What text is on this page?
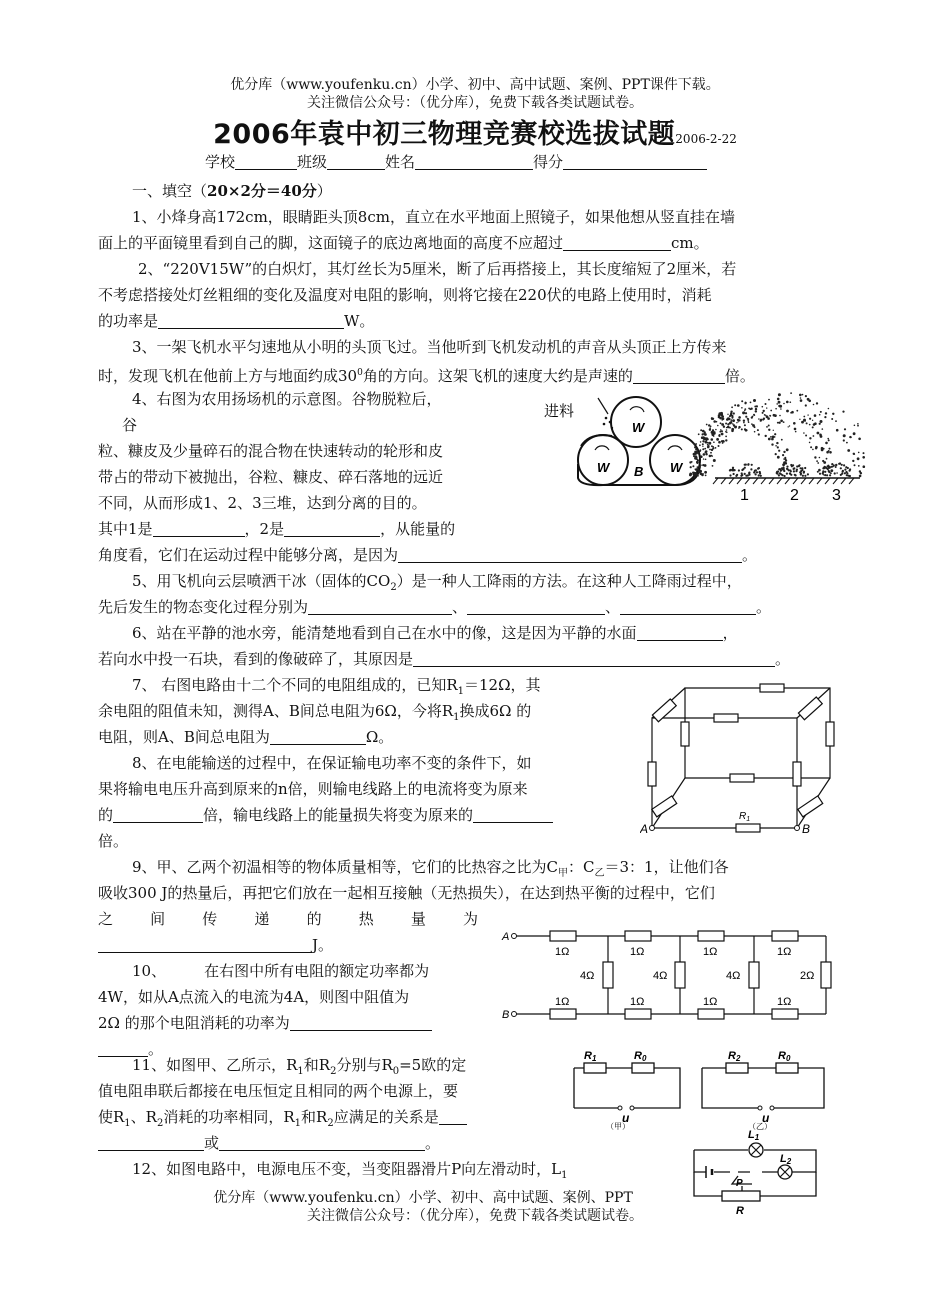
优分库（www.youfenku.cn）小学、初中、高中试题、案例、PPT课件下载。
关注微信公众号：（优分库），免费下载各类试题试卷。
2006年袁中初三物理竞赛校选拔试题2006-2-22
学校	班级	姓名	得分
一、填空（20×2分＝40分）
1、小烽身高172cm，眼睛距头顶8cm，直立在水平地面上照镜子，如果他想从竖直挂在墙
面上的平面镜里看到自己的脚，这面镜子的底边离地面的高度不应超过	cm。
2、“220V15W”的白炽灯，其灯丝长为5厘米，断了后再搭接上，其长度缩短了2厘米，若
不考虑搭接处灯丝粗细的变化及温度对电阻的影响，则将它接在220伏的电路上使用时，消耗
的功率是	W。
3、一架飞机水平匀速地从小明的头顶飞过。当他听到飞机发动机的声音从头顶正上方传来
时，发现飞机在他前上方与地面约成$30^0$角的方向。这架飞机的速度大约是声速的	倍。
4、右图为农用扬场机的示意图。谷物脱粒后，
谷
粒、糠皮及少量碎石的混合物在快速转动的轮形和皮
带占的带动下被抛出，谷粒、糠皮、碎石落地的远近
不同，从而形成1、2、3三堆，达到分离的目的。
其中1是	，2是	，从能量的
角度看，它们在运动过程中能够分离，是因为	。
进料
W
W	W
B
1	2 3
5、用飞机向云层喷洒干冰（固体的$CO_2$）是一种人工降雨的方法。在这种人工降雨过程中，
先后发生的物态变化过程分别为	、	、	。
6、站在平静的池水旁，能清楚地看到自己在水中的像，这是因为平静的水面	，
若向水中投一石块，看到的像破碎了，其原因是	。
7、 右图电路由十二个不同的电阻组成的，已知$R_1=12\Omega$，其
余电阻的阻值未知，测得A、B间总电阻为6Ω，今将$R_1$换成6Ω 的
电阻，则A、B间总电阻为	Ω。
8、在电能输送的过程中，在保证输电功率不变的条件下，如
果将输电电压升高到原来的n倍，则输电线路上的电流将变为原来
的	倍，输电线路上的能量损失将变为原来的
倍。
A	B
$R_1$
9、甲、乙两个初温相等的物体质量相等，它们的比热容之比为$C_甲$：$C_乙=3$：1，让他们各
吸收300 J的热量后，再把它们放在一起相互接触（无热损失），在达到热平衡的过程中，它们
之 间 传 递 的 热 量 为
J。
10、	在右图中所有电阻的额定功率都为
4W，如从A点流入的电流为4A，则图中阻值为
2Ω 的那个电阻消耗的功率为
。
A
B
1Ω	1Ω	1Ω	1Ω
1Ω	1Ω	1Ω	1Ω
4Ω	4Ω	4Ω	2Ω
11、如图甲、乙所示，$R_1$和$R_2$分别与$R_0=5$欧的定
值电阻串联后都接在电压恒定且相同的两个电源上，要
使$R_1$、$R_2$消耗的功率相同，$R_1$和$R_2$应满足的关系是
或	。
R1	R0
u
（甲）
R2	R0
u
（乙）
12、如图电路中，电源电压不变，当变阻器滑片P向左滑动时，$L_1$
L1
L2
P
R
优分库（www.youfenku.cn）小学、初中、高中试题、案例、PPT
关注微信公众号：（优分库），免费下载各类试题试卷。
